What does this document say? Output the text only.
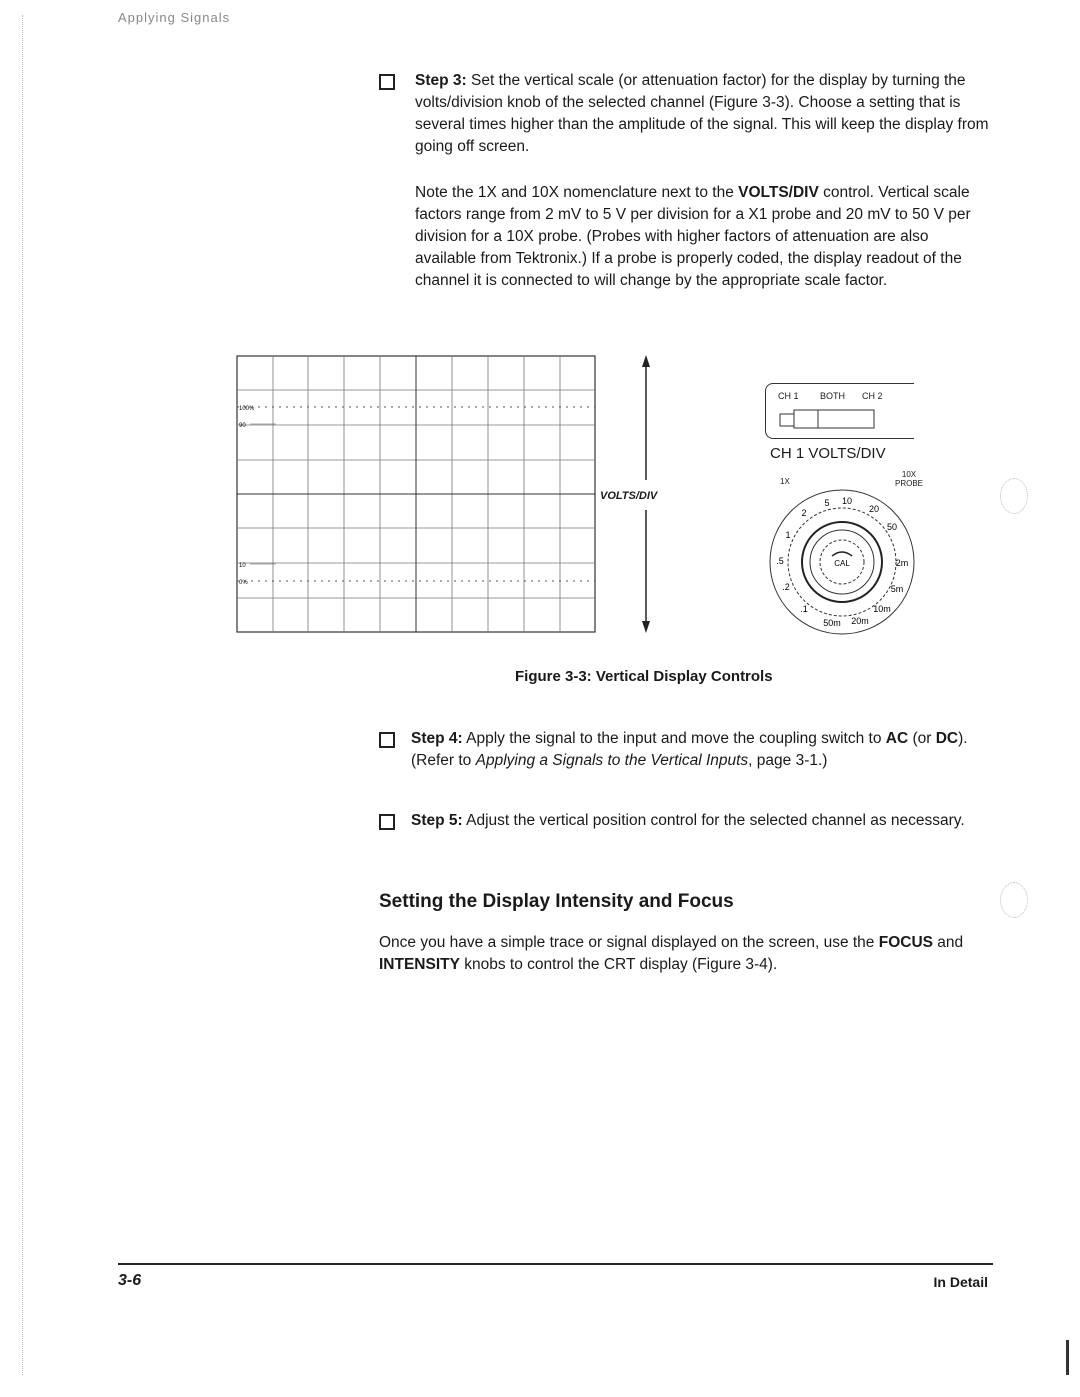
Applying Signals
Step 3: Set the vertical scale (or attenuation factor) for the display by turning the volts/division knob of the selected channel (Figure 3-3). Choose a setting that is several times higher than the amplitude of the signal. This will keep the display from going off screen.
Note the 1X and 10X nomenclature next to the VOLTS/DIV control. Vertical scale factors range from 2 mV to 5 V per division for a X1 probe and 20 mV to 50 V per division for a 10X probe. (Probes with higher factors of attenuation are also available from Tektronix.) If a probe is properly coded, the display readout of the channel it is connected to will change by the appropriate scale factor.
100%
90
10
0%
VOLTS/DIV
CH 1 BOTH CH 2
CH 1 VOLTS/DIV
1X
10X
PROBE
CAL
5 10
20
50
2m
5m
10m
20m
50m
.1
.2
.5
1
2
Figure 3-3: Vertical Display Controls
Step 4: Apply the signal to the input and move the coupling switch to AC (or DC). (Refer to Applying a Signals to the Vertical Inputs, page 3-1.)
Step 5: Adjust the vertical position control for the selected channel as necessary.
Setting the Display Intensity and Focus
Once you have a simple trace or signal displayed on the screen, use the FOCUS and INTENSITY knobs to control the CRT display (Figure 3-4).
3-6	In Detail
